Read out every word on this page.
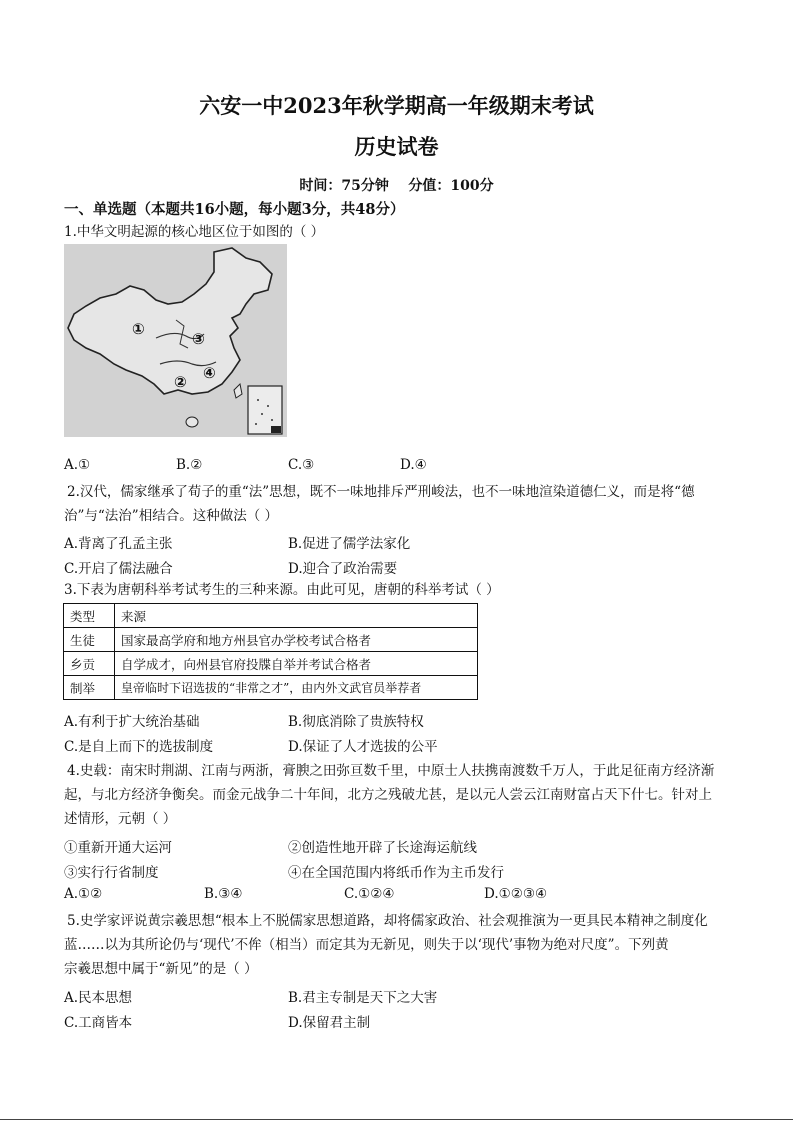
六安一中2023年秋学期高一年级期末考试
历史试卷
时间：75分钟    分值：100分
一、单选题（本题共16小题，每小题3分，共48分）
1.中华文明起源的核心地区位于如图的（ ）
①
②
③
④
A.①	B.②	C.③	D.④
2.汉代，儒家继承了荀子的重“法”思想，既不一味地排斥严刑峻法，也不一味地渲染道德仁义，而是将“德
治”与“法治”相结合。这种做法（ ）
A.背离了孔孟主张	B.促进了儒学法家化
C.开启了儒法融合	D.迎合了政治需要
3.下表为唐朝科举考试考生的三种来源。由此可见，唐朝的科举考试（ ）
类型	来源
生徒	国家最高学府和地方州县官办学校考试合格者
乡贡	自学成才，向州县官府投牒自举并考试合格者
制举	皇帝临时下诏选拔的“非常之才”，由内外文武官员举荐者
A.有利于扩大统治基础	B.彻底消除了贵族特权
C.是自上而下的选拔制度	D.保证了人才选拔的公平
4.史载：南宋时荆湖、江南与两浙，膏腴之田弥亘数千里，中原士人扶携南渡数千万人，于此足征南方经济渐
起，与北方经济争衡矣。而金元战争二十年间，北方之残破尤甚，是以元人尝云江南财富占天下什七。针对上
述情形，元朝（ ）
①重新开通大运河	②创造性地开辟了长途海运航线
③实行行省制度	④在全国范围内将纸币作为主币发行
A.①②	B.③④	C.①②④	D.①②③④
5.史学家评说黄宗羲思想“根本上不脱儒家思想道路，却将儒家政治、社会观推演为一更具民本精神之制度化
蓝……以为其所论仍与‘现代’不侔（相当）而定其为无新见，则失于以‘现代’事物为绝对尺度”。下列黄
宗羲思想中属于“新见”的是（ ）
A.民本思想	B.君主专制是天下之大害
C.工商皆本	D.保留君主制
